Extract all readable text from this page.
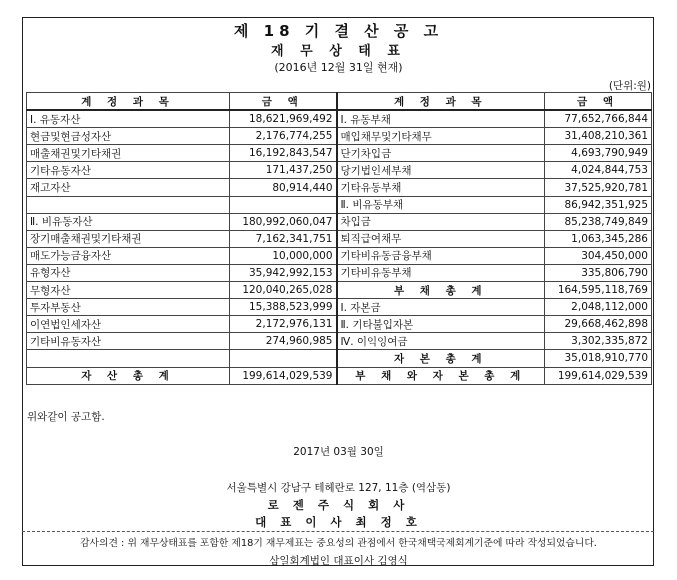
제 18 기 결 산 공 고
재 무 상 태 표
(2016년 12월 31일 현재)
(단위:원)
계 정 과 목	금 액	계 정 과 목	금 액
Ⅰ. 유동자산	18,621,969,492	Ⅰ. 유동부채	77,652,766,844
현금및현금성자산	2,176,774,255	매입채무및기타채무	31,408,210,361
매출채권및기타채권	16,192,843,547	단기차입금	4,693,790,949
기타유동자산	171,437,250	당기법인세부채	4,024,844,753
재고자산	80,914,440	기타유동부채	37,525,920,781
		Ⅱ. 비유동부채	86,942,351,925
Ⅱ. 비유동자산	180,992,060,047	차입금	85,238,749,849
장기매출채권및기타채권	7,162,341,751	퇴직급여채무	1,063,345,286
매도가능금융자산	10,000,000	기타비유동금융부채	304,450,000
유형자산	35,942,992,153	기타비유동부채	335,806,790
무형자산	120,040,265,028	부 채 총 계	164,595,118,769
투자부동산	15,388,523,999	Ⅰ. 자본금	2,048,112,000
이연법인세자산	2,172,976,131	Ⅱ. 기타불입자본	29,668,462,898
기타비유동자산	274,960,985	Ⅳ. 이익잉여금	3,302,335,872
		자 본 총 계	35,018,910,770
자 산 총 계	199,614,029,539	부 채 와 자 본 총 계	199,614,029,539
위와같이 공고함.
2017년 03월 30일
서울특별시 강남구 테헤란로 127, 11층 (역삼동)
로 젠 주 식 회 사
대 표 이 사 최 정 호
감사의견 : 위 재무상태표를 포함한 제18기 재무제표는 중요성의 관점에서 한국채택국제회계기준에 따라 작성되었습니다.
삼일회계법인 대표이사 김영식
